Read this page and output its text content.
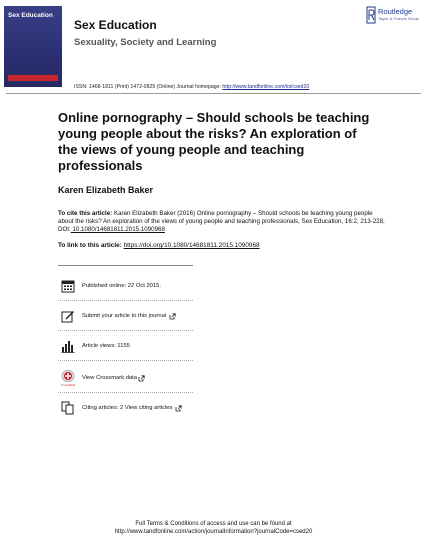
Sex Education
Sex Education
Sexuality, Society and Learning
Routledge
Taylor & Francis Group
ISSN: 1468-1811 (Print) 1472-0825 (Online) Journal homepage: http://www.tandfonline.com/loi/csed20
Online pornography – Should schools be teaching young people about the risks? An exploration of the views of young people and teaching professionals
Karen Elizabeth Baker
To cite this article: Karen Elizabeth Baker (2016) Online pornography – Should schools be teaching young people about the risks? An exploration of the views of young people and teaching professionals, Sex Education, 16:2, 213-228, DOI: 10.1080/14681811.2015.1090968
To link to this article: https://doi.org/10.1080/14681811.2015.1090968
Published online: 22 Oct 2015.
Submit your article to this journal
Article views: 1155
CrossMark
View Crossmark data
Citing articles: 2 View citing articles
Full Terms & Conditions of access and use can be found at
http://www.tandfonline.com/action/journalInformation?journalCode=csed20
